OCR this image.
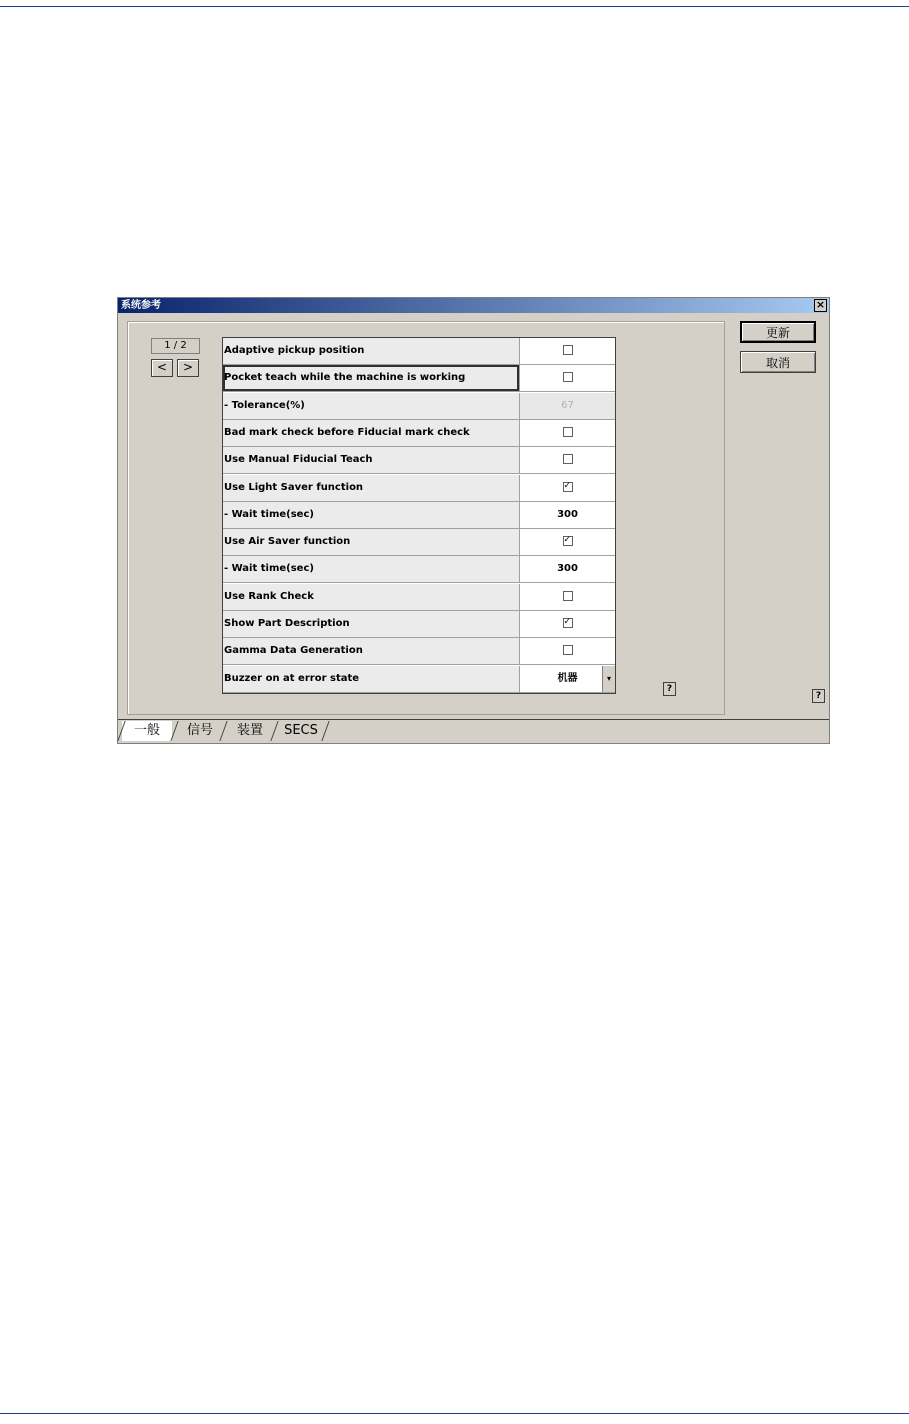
系统参考	×
1 / 2
<	>
Adaptive pickup position
Pocket teach while the machine is working
- Tolerance(%)	67
Bad mark check before Fiducial mark check
Use Manual Fiducial Teach
Use Light Saver function	✓
- Wait time(sec)	300
Use Air Saver function	✓
- Wait time(sec)	300
Use Rank Check
Show Part Description	✓
Gamma Data Generation
Buzzer on at error state	机器	▾
更新
取消
?
?
一般	信号	装置	SECS
